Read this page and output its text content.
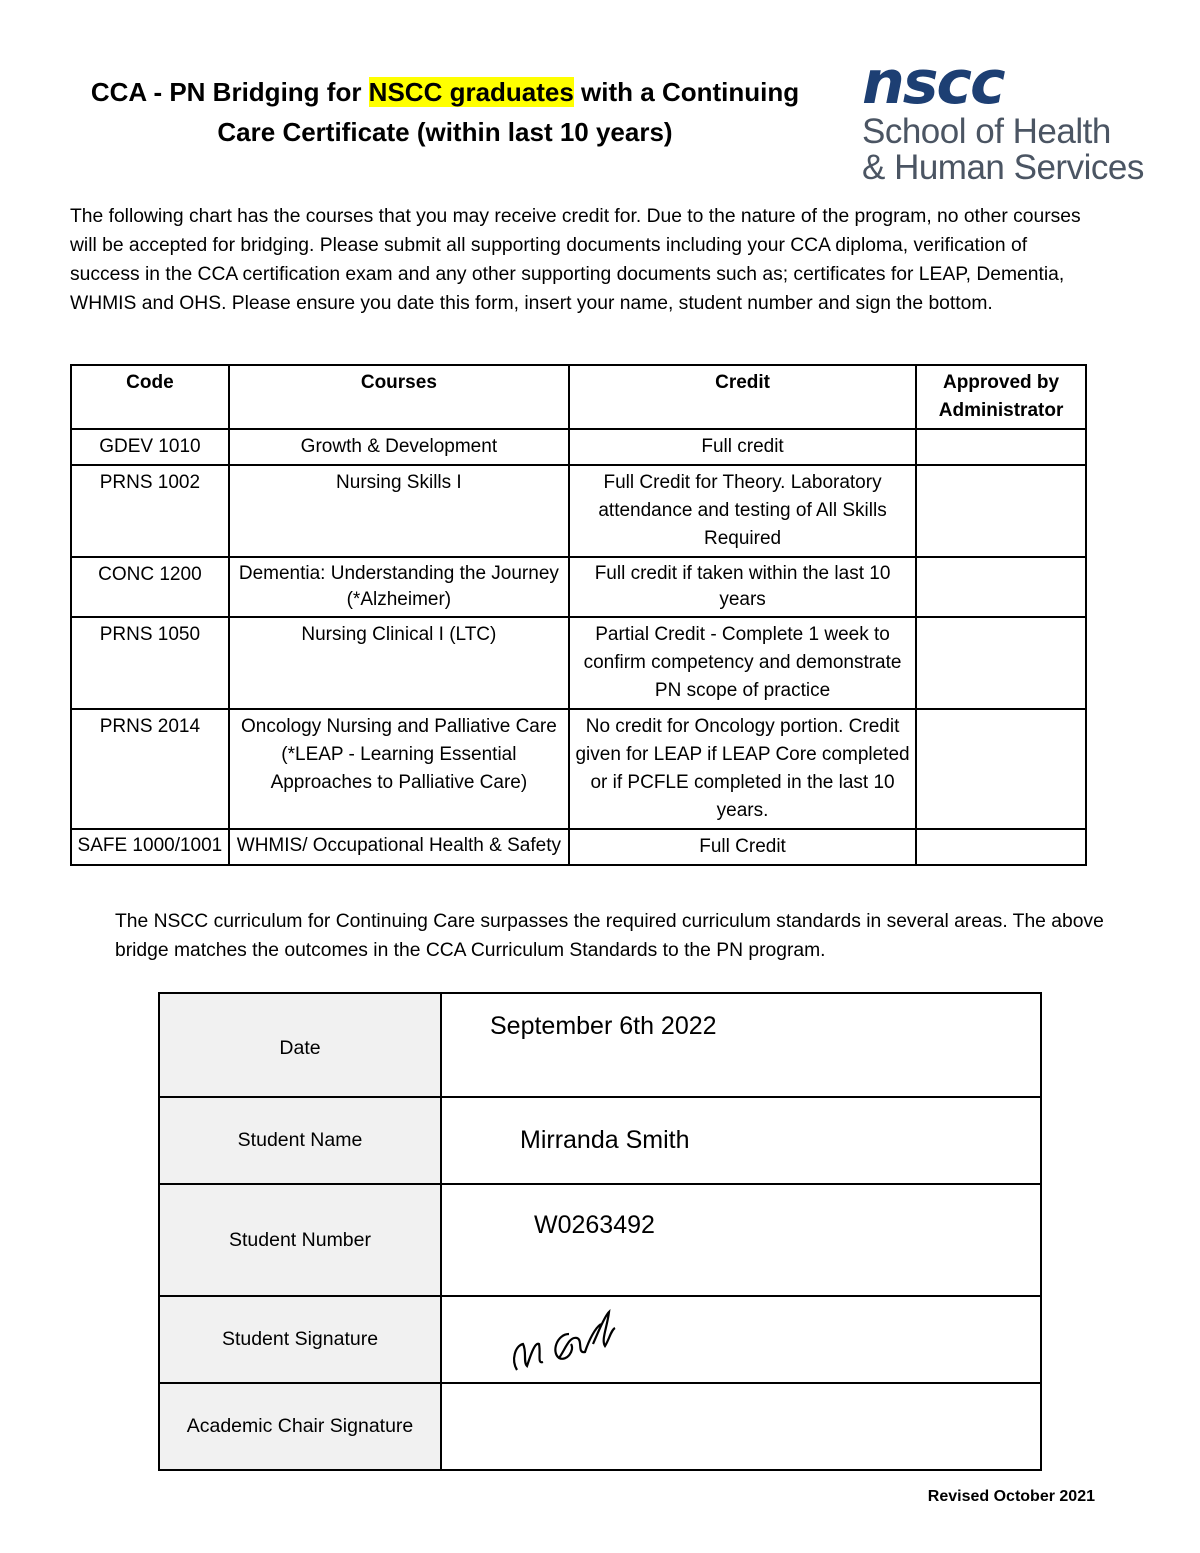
CCA - PN Bridging for NSCC graduates with a Continuing
Care Certificate (within last 10 years)
nscc
School of Health
& Human Services
The following chart has the courses that you may receive credit for. Due to the nature of the program, no other courses will be accepted for bridging. Please submit all supporting documents including your CCA diploma, verification of success in the CCA certification exam and any other supporting documents such as; certificates for LEAP, Dementia, WHMIS and OHS. Please ensure you date this form, insert your name, student number and sign the bottom.
Code	Courses	Credit	Approved by Administrator
GDEV 1010	Growth & Development	Full credit	
PRNS 1002	Nursing Skills I	Full Credit for Theory. Laboratory attendance and testing of All Skills Required	
CONC 1200	Dementia: Understanding the Journey (*Alzheimer)	Full credit if taken within the last 10 years	
PRNS 1050	Nursing Clinical I (LTC)	Partial Credit - Complete 1 week to confirm competency and demonstrate PN scope of practice	
PRNS 2014	Oncology Nursing and Palliative Care (*LEAP - Learning Essential Approaches to Palliative Care)	No credit for Oncology portion. Credit given for LEAP if LEAP Core completed or if PCFLE completed in the last 10 years.	
SAFE 1000/1001	WHMIS/ Occupational Health & Safety	Full Credit	
The NSCC curriculum for Continuing Care surpasses the required curriculum standards in several areas. The above bridge matches the outcomes in the CCA Curriculum Standards to the PN program.
Date	September 6th 2022
Student Name	Mirranda Smith
Student Number	W0263492
Student Signature	

Academic Chair Signature	
Revised October 2021
